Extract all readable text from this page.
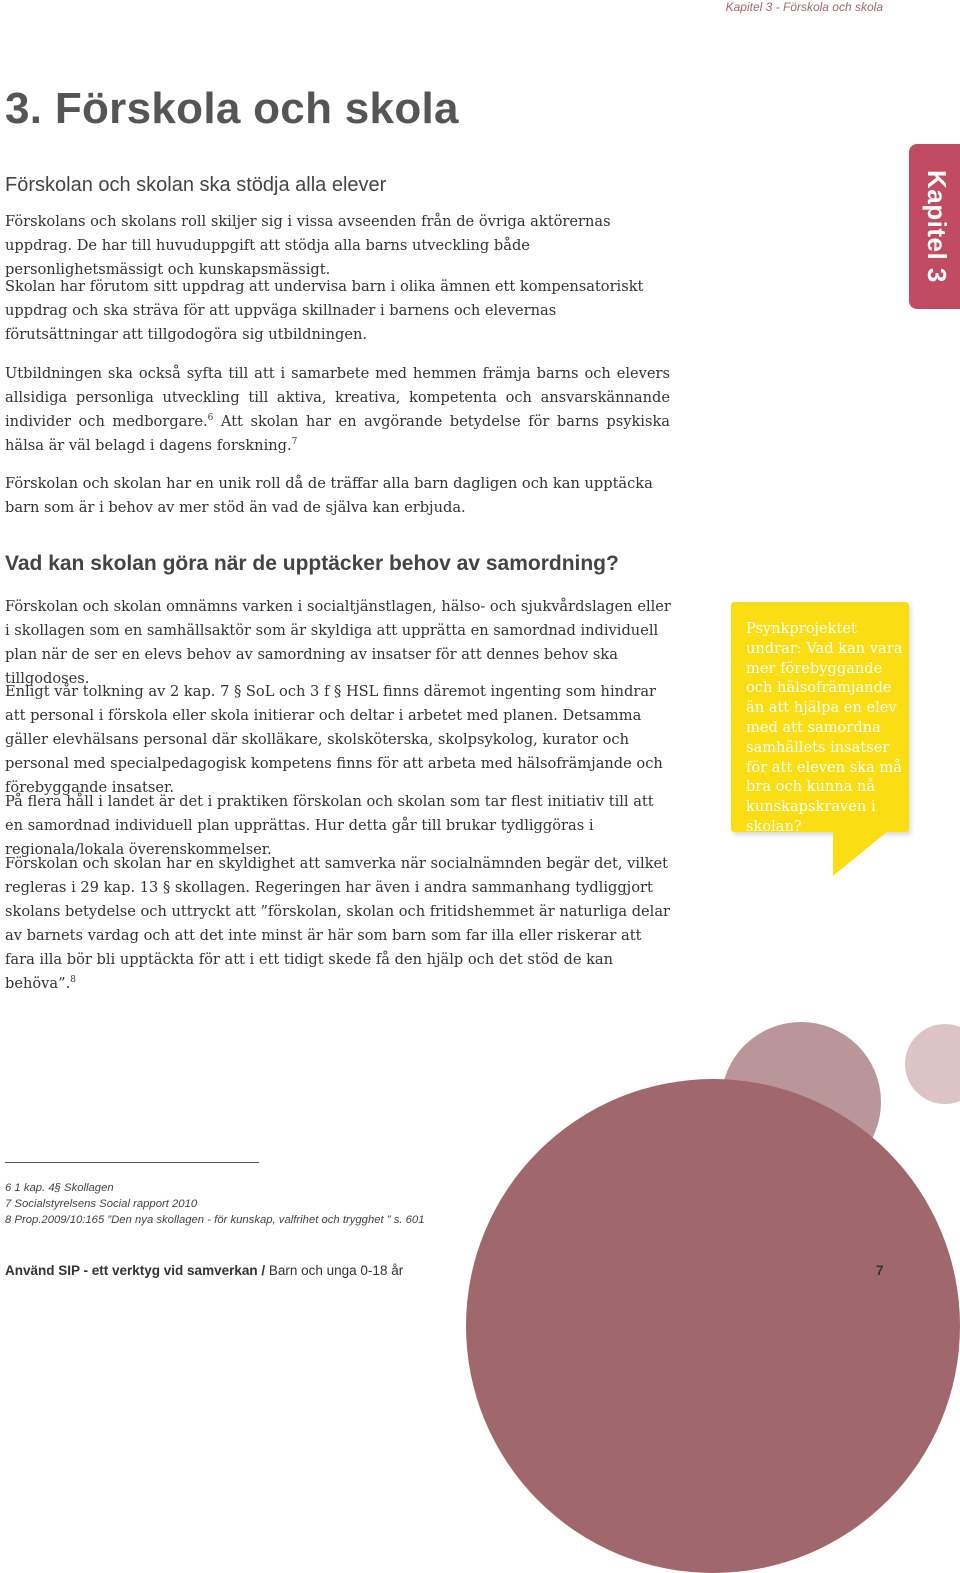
Kapitel 3 - Förskola och skola
3. Förskola och skola
Kapitel 3
Förskolan och skolan ska stödja alla elever

Förskolans och skolans roll skiljer sig i vissa avseenden från de övriga aktörernas uppdrag. De har till huvuduppgift att stödja alla barns utveckling både personlighetsmässigt och kunskapsmässigt.

Skolan har förutom sitt uppdrag att undervisa barn i olika ämnen ett kompensatoriskt uppdrag och ska sträva för att uppväga skillnader i barnens och elevernas förutsättningar att tillgodogöra sig utbildningen.

Utbildningen ska också syfta till att i samarbete med hemmen främja barns och elevers allsidiga personliga utveckling till aktiva, kreativa, kompetenta och ansvarskännande individer och medborgare.$^6$ Att skolan har en avgörande betydelse för barns psykiska hälsa är väl belagd i dagens forskning.$^7$

Förskolan och skolan har en unik roll då de träffar alla barn dagligen och kan upptäcka barn som är i behov av mer stöd än vad de själva kan erbjuda.

Vad kan skolan göra när de upptäcker behov av samordning?

Förskolan och skolan omnämns varken i socialtjänstlagen, hälso- och sjukvårdslagen eller i skollagen som en samhällsaktör som är skyldiga att upprätta en samordnad individuell plan när de ser en elevs behov av samordning av insatser för att dennes behov ska tillgodoses.

Enligt vår tolkning av 2 kap. 7 § SoL och 3 f § HSL finns däremot ingenting som hindrar att personal i förskola eller skola initierar och deltar i arbetet med planen. Detsamma gäller elevhälsans personal där skolläkare, skolsköterska, skolpsykolog, kurator och personal med specialpedagogisk kompetens finns för att arbeta med hälsofrämjande och förebyggande insatser.

På flera håll i landet är det i praktiken förskolan och skolan som tar flest initiativ till att en samordnad individuell plan upprättas. Hur detta går till brukar tydliggöras i regionala/lokala överenskommelser.

Förskolan och skolan har en skyldighet att samverka när socialnämnden begär det, vilket regleras i 29 kap. 13 § skollagen. Regeringen har även i andra sammanhang tydliggjort skolans betydelse och uttryckt att ”förskolan, skolan och fritidshemmet är naturliga delar av barnets vardag och att det inte minst är här som barn som far illa eller riskerar att fara illa bör bli upptäckta för att i ett tidigt skede få den hjälp och det stöd de kan behöva”.$^8$

Psynkprojektet undrar: Vad kan vara mer förebyggande och hälsofrämjande än att hjälpa en elev med att samordna samhällets insatser för att eleven ska må bra och kunna nå kunskapskraven i skolan?

6 1 kap. 4§ Skollagen
7 Socialstyrelsens Social rapport 2010
8 Prop.2009/10:165 ”Den nya skollagen - för kunskap, valfrihet och trygghet ” s. 601
Använd SIP - ett verktyg vid samverkan / Barn och unga 0-18 år	7
